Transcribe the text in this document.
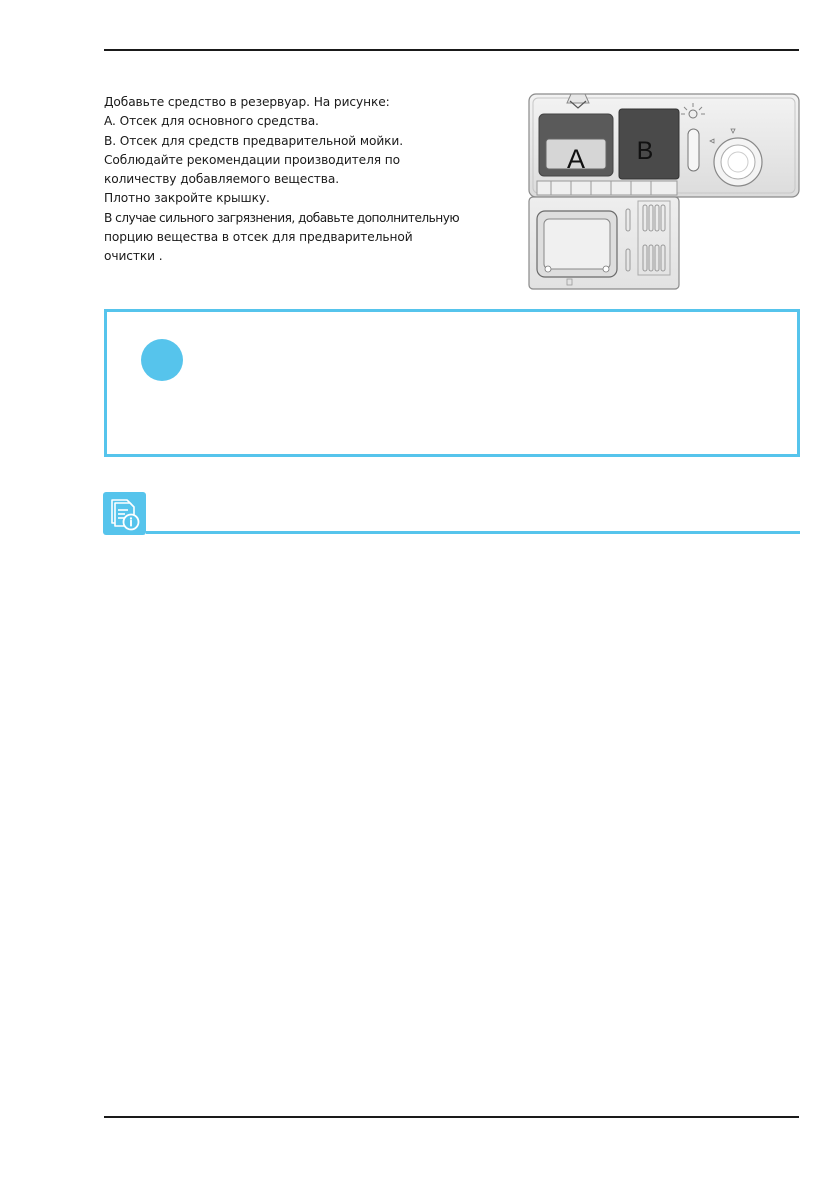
Добавьте средство в резервуар. На рисунке:
A. Отсек для основного средства.
B. Отсек для средств предварительной мойки.
Соблюдайте рекомендации производителя по
количеству добавляемого вещества.
Плотно закройте крышку.
В случае сильного загрязнения, добавьте дополнительную
порцию вещества в отсек для предварительной
очистки .
A B
